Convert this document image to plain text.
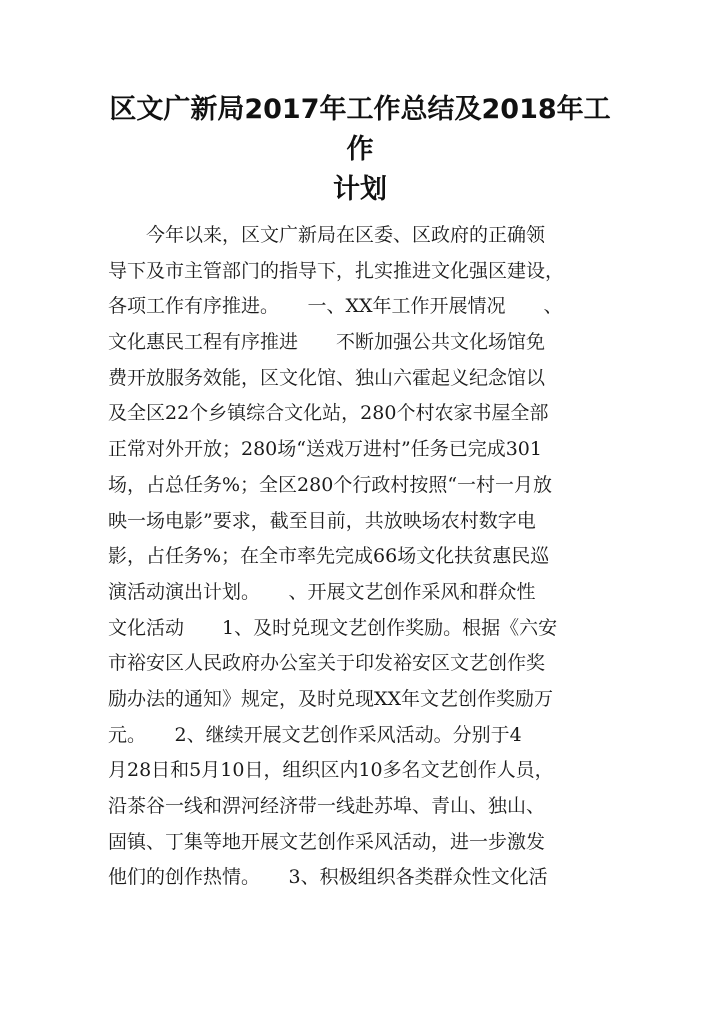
区文广新局2017年工作总结及2018年工作
计划
　　今年以来，区文广新局在区委、区政府的正确领
导下及市主管部门的指导下，扎实推进文化强区建设，
各项工作有序推进。　　一、XX年工作开展情况　　、
文化惠民工程有序推进　　不断加强公共文化场馆免
费开放服务效能，区文化馆、独山六霍起义纪念馆以
及全区22个乡镇综合文化站，280个村农家书屋全部
正常对外开放；280场“送戏万进村”任务已完成301
场，占总任务%；全区280个行政村按照“一村一月放
映一场电影”要求，截至目前，共放映场农村数字电
影，占任务%；在全市率先完成66场文化扶贫惠民巡
演活动演出计划。　　、开展文艺创作采风和群众性
文化活动　　1、及时兑现文艺创作奖励。根据《六安
市裕安区人民政府办公室关于印发裕安区文艺创作奖
励办法的通知》规定，及时兑现XX年文艺创作奖励万
元。　　2、继续开展文艺创作采风活动。分别于4
月28日和5月10日，组织区内10多名文艺创作人员，
沿茶谷一线和淠河经济带一线赴苏埠、青山、独山、
固镇、丁集等地开展文艺创作采风活动，进一步激发
他们的创作热情。　　3、积极组织各类群众性文化活
